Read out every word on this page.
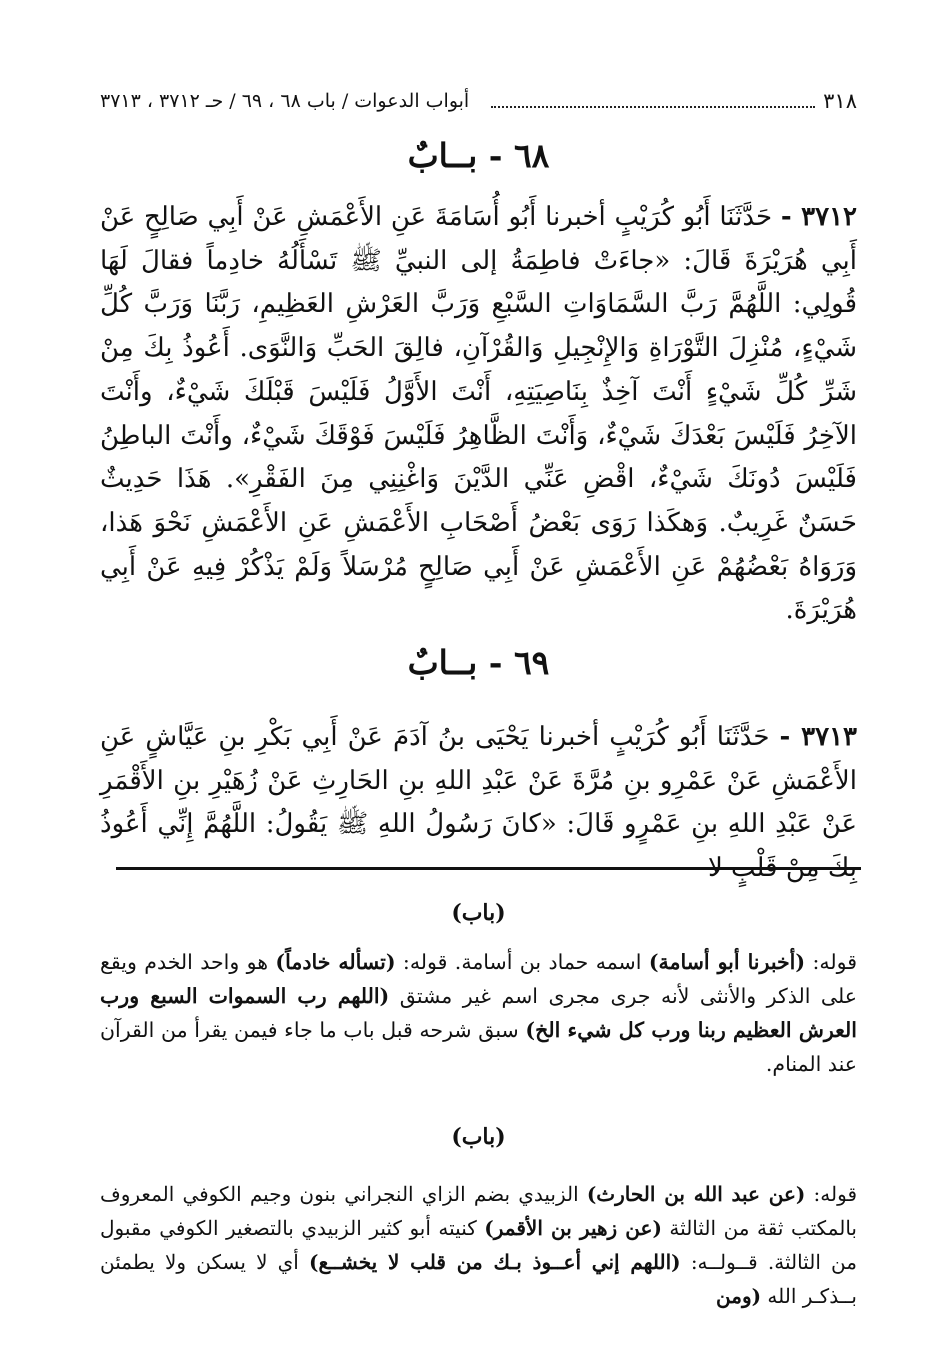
٣١٨
أبواب الدعوات / باب ٦٨ ، ٦٩ / حـ ٣٧١٢ ، ٣٧١٣
٦٨ - بــابٌ
٣٧١٢ - حَدَّثَنَا أَبُو كُرَيْبٍ أخبرنا أَبُو أُسَامَةَ عَنِ الأَعْمَشِ عَنْ أَبِي صَالِحٍ عَنْ أَبِي هُرَيْرَةَ قَالَ: «جاءَتْ فاطِمَةُ إلى النبيِّ ﷺ تَسْأَلُهُ خادِماً فقالَ لَهَا قُولِي: اللَّهُمَّ رَبَّ السَّمَاوَاتِ السَّبْعِ وَرَبَّ العَرْشِ العَظِيمِ، رَبَّنَا وَرَبَّ كُلِّ شَيْءٍ، مُنْزِلَ التَّوْرَاةِ وَالإِنْجِيلِ وَالقُرْآنِ، فالِقَ الحَبِّ وَالنَّوَى. أَعُوذُ بِكَ مِنْ شَرِّ كُلِّ شَيْءٍ أَنْتَ آخِذٌ بِنَاصِيَتِهِ، أَنْتَ الأَوَّلُ فَلَيْسَ قَبْلَكَ شَيْءٌ، وأَنْتَ الآخِرُ فَلَيْسَ بَعْدَكَ شَيْءٌ، وَأَنْتَ الظَّاهِرُ فَلَيْسَ فَوْقَكَ شَيْءٌ، وأَنْتَ الباطِنُ فَلَيْسَ دُونَكَ شَيْءٌ، اقْضِ عَنِّي الدَّيْنَ وَاغْنِنِي مِنَ الفَقْرِ». هَذَا حَدِيثٌ حَسَنٌ غَرِيبٌ. وَهكَذا رَوَى بَعْضُ أَصْحَابِ الأَعْمَشِ عَنِ الأَعْمَشِ نَحْوَ هَذا، وَرَوَاهُ بَعْضُهُمْ عَنِ الأَعْمَشِ عَنْ أَبِي صَالِحٍ مُرْسَلاً وَلَمْ يَذْكُرْ فِيهِ عَنْ أَبِي هُرَيْرَةَ.
٦٩ - بــابٌ
٣٧١٣ - حَدَّثَنَا أَبُو كُرَيْبٍ أخبرنا يَحْيَى بنُ آدَمَ عَنْ أَبِي بَكْرِ بنِ عَيَّاشٍ عَنِ الأَعْمَشِ عَنْ عَمْرِو بنِ مُرَّةَ عَنْ عَبْدِ اللهِ بنِ الحَارِثِ عَنْ زُهَيْرِ بنِ الأَقْمَرِ عَنْ عَبْدِ اللهِ بنِ عَمْرٍو قَالَ: «كانَ رَسُولُ اللهِ ﷺ يَقُولُ: اللَّهُمَّ إِنِّي أَعُوذُ بِكَ مِنْ قَلْبٍ لا
(باب)
قوله: (أخبرنا أبو أسامة) اسمه حماد بن أسامة. قوله: (تسأله خادماً) هو واحد الخدم ويقع على الذكر والأنثى لأنه جرى مجرى اسم غير مشتق (اللهم رب السموات السبع ورب العرش العظيم ربنا ورب كل شيء الخ) سبق شرحه قبل باب ما جاء فيمن يقرأ من القرآن عند المنام.
(باب)
قوله: (عن عبد الله بن الحارث) الزبيدي بضم الزاي النجراني بنون وجيم الكوفي المعروف بالمكتب ثقة من الثالثة (عن زهير بن الأقمر) كنيته أبو كثير الزبيدي بالتصغير الكوفي مقبول من الثالثة. قــولــه: (اللهم إني أعــوذ بـك من قلب لا يخشــع) أي لا يسكن ولا يطمئن بــذكـر الله (ومن
